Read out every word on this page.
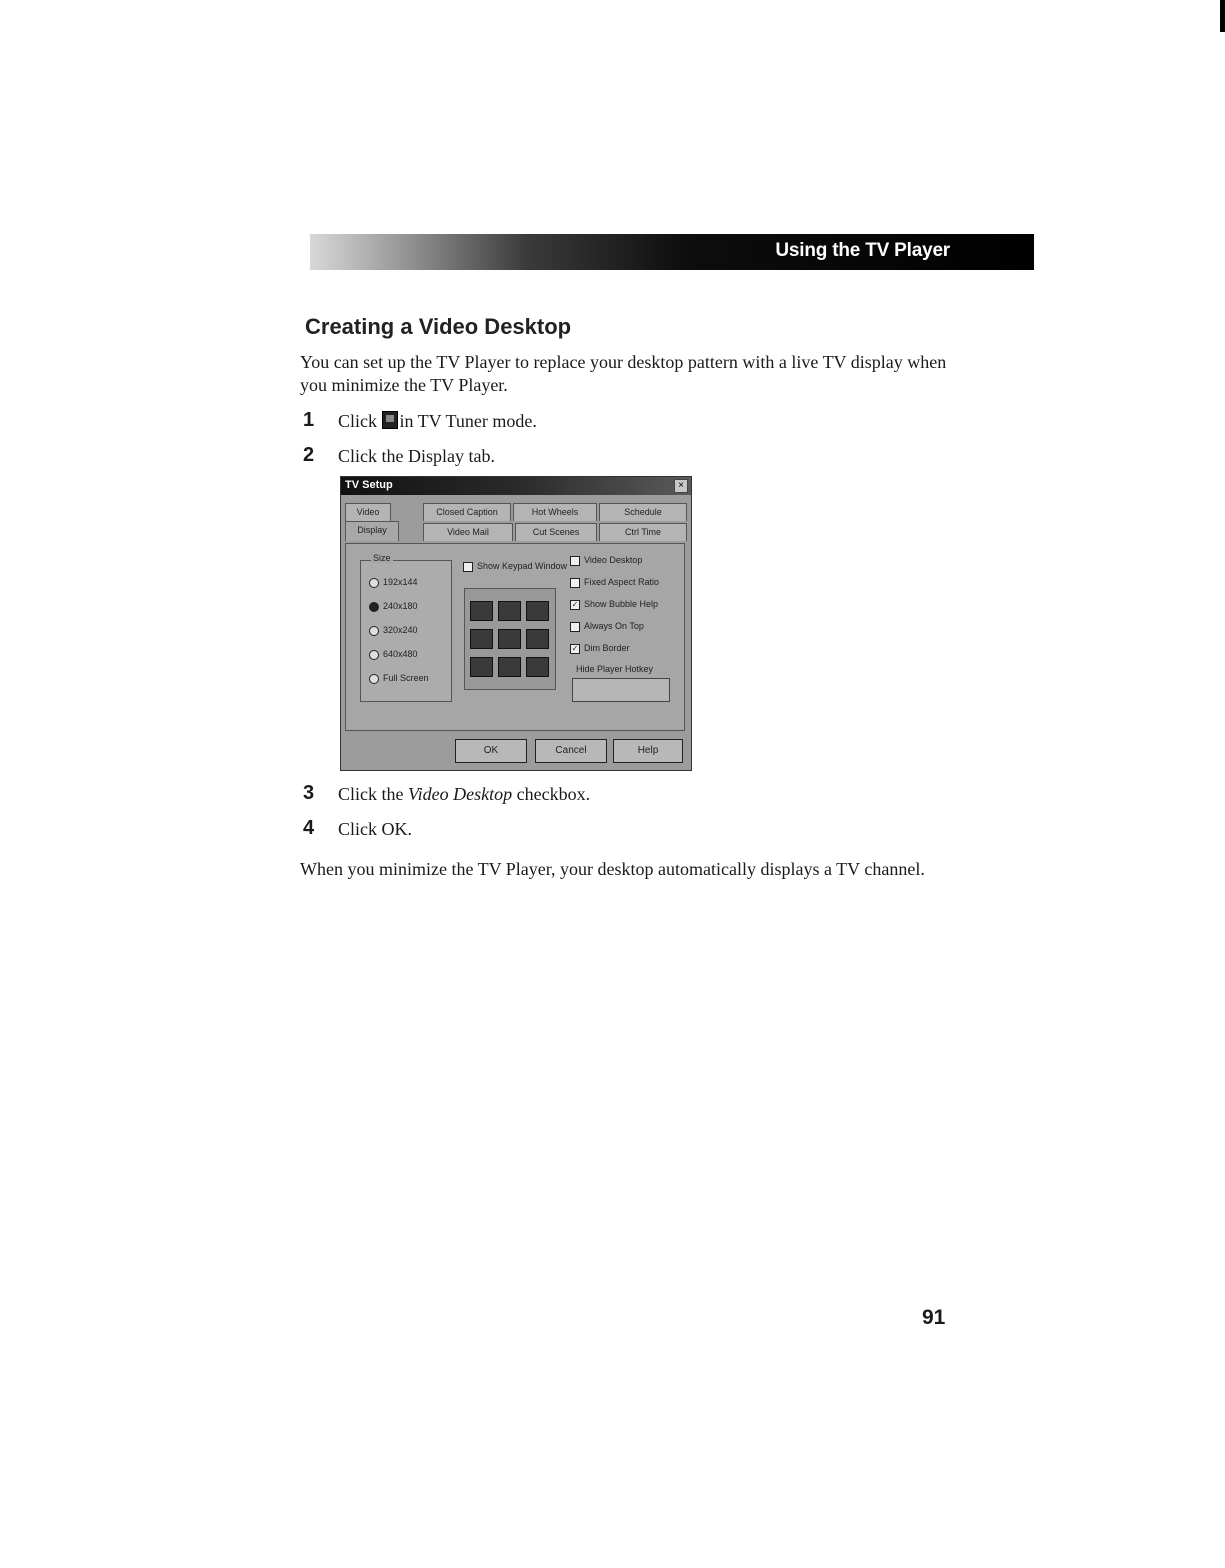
Using the TV Player
Creating a Video Desktop

You can set up the TV Player to replace your desktop pattern with a live TV display when you minimize the TV Player.

1 Click in TV Tuner mode.
2 Click the Display tab.
TV Setup	×
Video	Closed Caption	Hot Wheels	Schedule
Display	Video Mail	Cut Scenes	Ctrl Time
Size
192x144
240x180
320x240
640x480
Full Screen
Show Keypad Window
Video Desktop
Fixed Aspect Ratio
✓ Show Bubble Help
Always On Top
✓ Dim Border
Hide Player Hotkey
OK	Cancel	Help
3 Click the Video Desktop checkbox.
4 Click OK.

When you minimize the TV Player, your desktop automatically displays a TV channel.

91
